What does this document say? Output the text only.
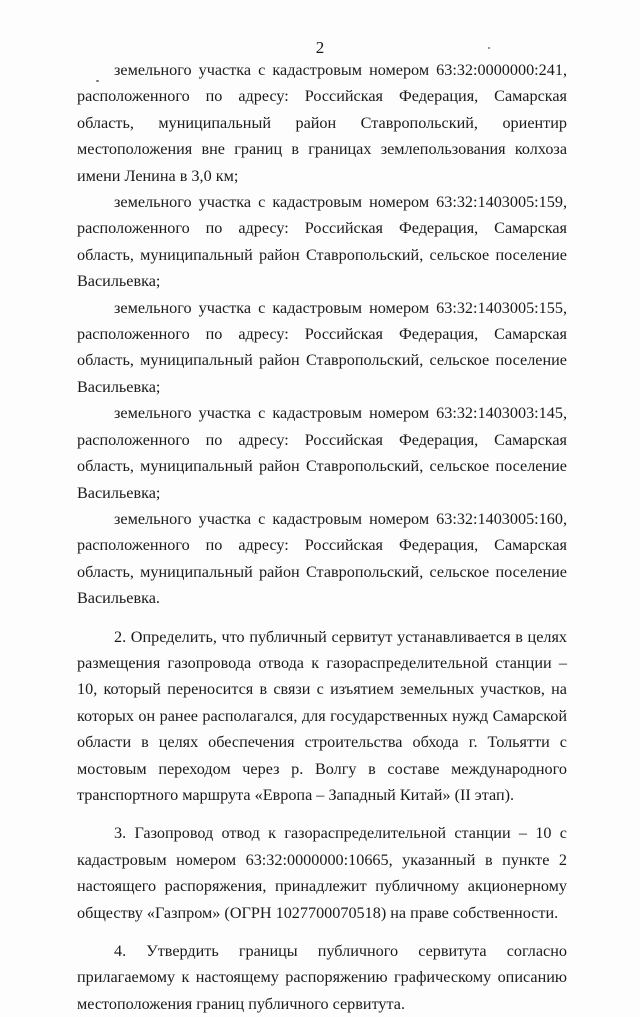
2

земельного участка с кадастровым номером 63:32:0000000:241, расположенного по адресу: Российская Федерация, Самарская область, муниципальный район Ставропольский, ориентир местоположения вне границ в границах землепользования колхоза имени Ленина в 3,0 км;

земельного участка с кадастровым номером 63:32:1403005:159, расположенного по адресу: Российская Федерация, Самарская область, муниципальный район Ставропольский, сельское поселение Васильевка;

земельного участка с кадастровым номером 63:32:1403005:155, расположенного по адресу: Российская Федерация, Самарская область, муниципальный район Ставропольский, сельское поселение Васильевка;

земельного участка с кадастровым номером 63:32:1403003:145, расположенного по адресу: Российская Федерация, Самарская область, муниципальный район Ставропольский, сельское поселение Васильевка;

земельного участка с кадастровым номером 63:32:1403005:160, расположенного по адресу: Российская Федерация, Самарская область, муниципальный район Ставропольский, сельское поселение Васильевка.

2. Определить, что публичный сервитут устанавливается в целях размещения газопровода отвода к газораспределительной станции – 10, который переносится в связи с изъятием земельных участков, на которых он ранее располагался, для государственных нужд Самарской области в целях обеспечения строительства обхода г. Тольятти с мостовым переходом через р. Волгу в составе международного транспортного маршрута «Европа – Западный Китай» (II этап).

3. Газопровод отвод к газораспределительной станции – 10 с кадастровым номером 63:32:0000000:10665, указанный в пункте 2 настоящего распоряжения, принадлежит публичному акционерному обществу «Газпром» (ОГРН 1027700070518) на праве собственности.

4. Утвердить границы публичного сервитута согласно прилагаемому к настоящему распоряжению графическому описанию местоположения границ публичного сервитута.
